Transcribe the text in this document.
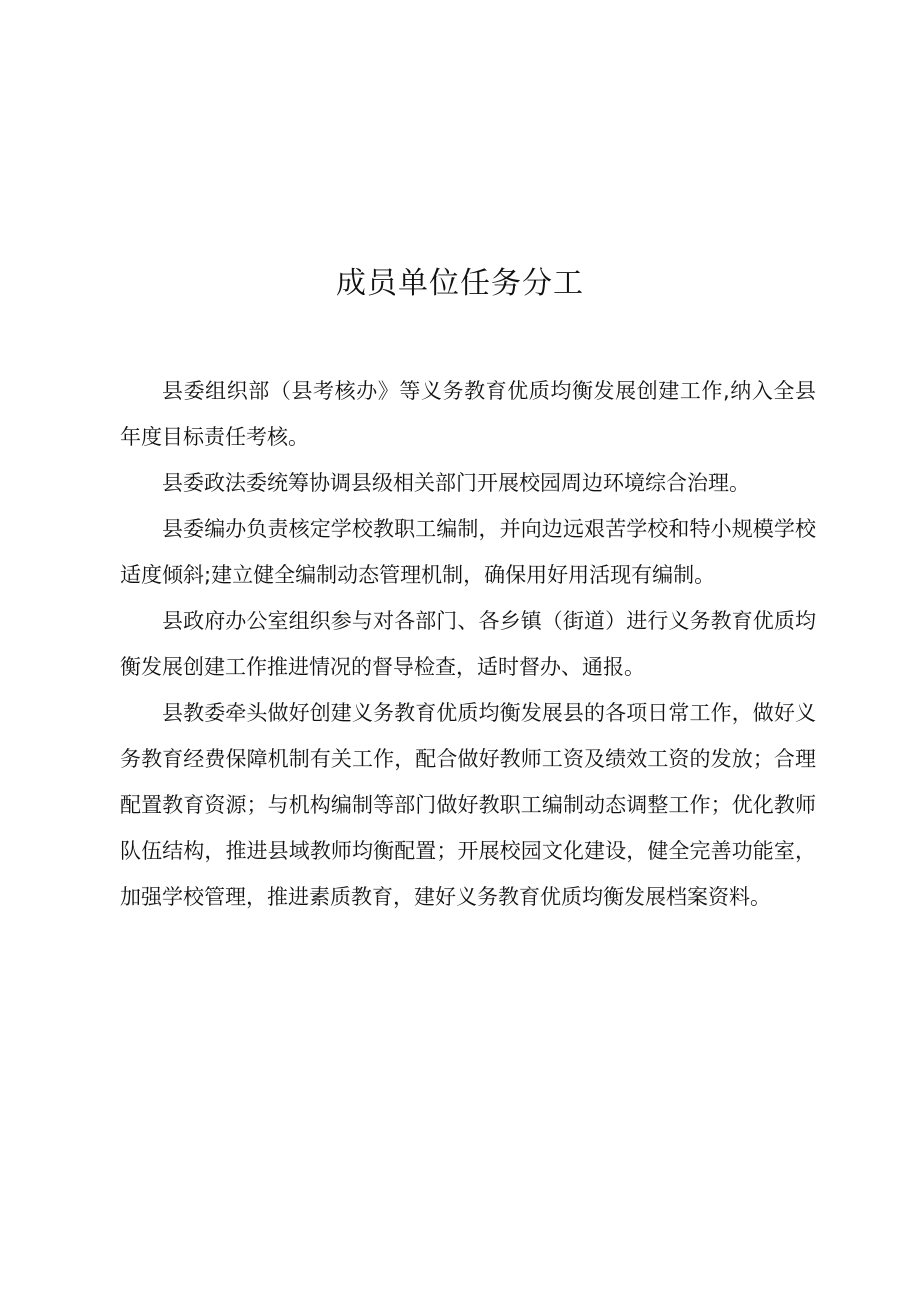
成员单位任务分工

县委组织部（县考核办》等义务教育优质均衡发展创建工作,纳入全县年度目标责任考核。

县委政法委统筹协调县级相关部门开展校园周边环境综合治理。

县委编办负责核定学校教职工编制，并向边远艰苦学校和特小规模学校适度倾斜;建立健全编制动态管理机制，确保用好用活现有编制。

县政府办公室组织参与对各部门、各乡镇（街道）进行义务教育优质均衡发展创建工作推进情况的督导检查，适时督办、通报。

县教委牵头做好创建义务教育优质均衡发展县的各项日常工作，做好义务教育经费保障机制有关工作，配合做好教师工资及绩效工资的发放；合理配置教育资源；与机构编制等部门做好教职工编制动态调整工作；优化教师队伍结构，推进县域教师均衡配置；开展校园文化建设，健全完善功能室，加强学校管理，推进素质教育，建好义务教育优质均衡发展档案资料。
